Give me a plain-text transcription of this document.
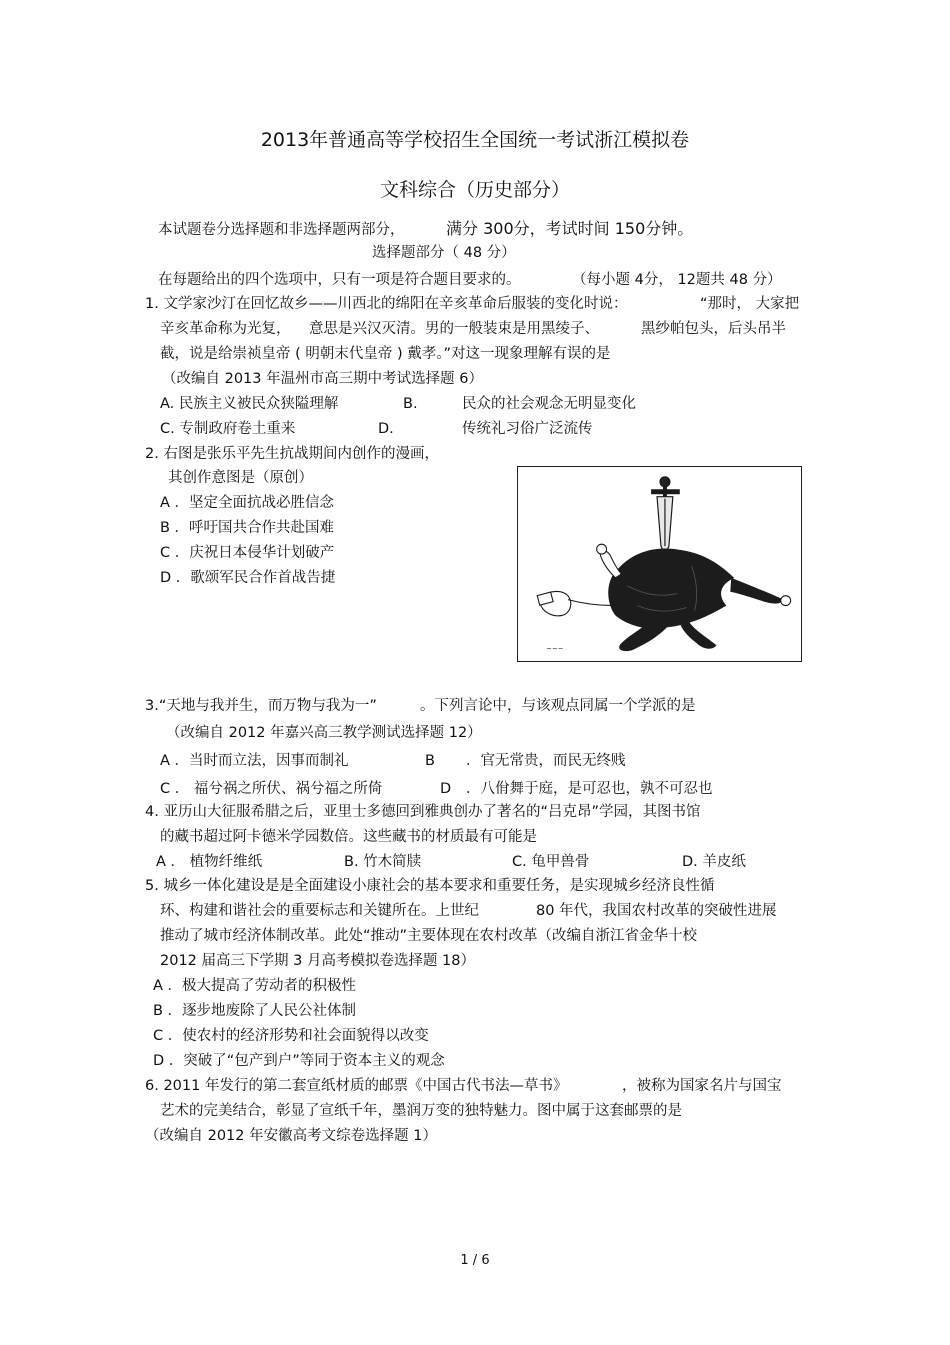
2013年普通高等学校招生全国统一考试浙江模拟卷
文科综合（历史部分）
本试题卷分选择题和非选择题两部分，	满分 300分，考试时间 150分钟。
选择题部分（ 48 分）
在每题给出的四个选项中，只有一项是符合题目要求的。	（每小题 4分， 12题共 48 分）
1. 文学家沙汀在回忆故乡——川西北的绵阳在辛亥革命后服装的变化时说：	“那时， 大家把
辛亥革命称为光复， 意思是兴汉灭清。男的一般装束是用黑绫子、	黑纱帕包头，后头吊半
截，说是给崇祯皇帝 ( 明朝末代皇帝 ) 戴孝。”对这一现象理解有误的是
（改编自 2013 年温州市高三期中考试选择题 6）
A. 民族主义被民众狭隘理解	B.	民众的社会观念无明显变化
C. 专制政府卷土重来	D.	传统礼习俗广泛流传
2. 右图是张乐平先生抗战期间内创作的漫画，
其创作意图是（原创）
A ．坚定全面抗战必胜信念
B ．呼吁国共合作共赴国难
C ．庆祝日本侵华计划破产
D ．歌颂军民合作首战告捷
~~~
3.“天地与我并生，而万物与我为一”	。下列言论中，与该观点同属一个学派的是
（改编自 2012 年嘉兴高三教学测试选择题 12）
A ．当时而立法，因事而制礼	B ．官无常贵，而民无终贱
C ． 福兮祸之所伏、祸兮福之所倚	D ．八佾舞于庭，是可忍也，孰不可忍也
4. 亚历山大征服希腊之后，亚里士多德回到雅典创办了著名的“吕克昂”学园，其图书馆
的藏书超过阿卡德米学园数倍。这些藏书的材质最有可能是
A ． 植物纤维纸	B. 竹木简牍	C. 龟甲兽骨	D. 羊皮纸
5. 城乡一体化建设是是全面建设小康社会的基本要求和重要任务，是实现城乡经济良性循
环、构建和谐社会的重要标志和关键所在。上世纪	80 年代，我国农村改革的突破性进展
推动了城市经济体制改革。此处“推动”主要体现在农村改革（改编自浙江省金华十校
2012 届高三下学期 3 月高考模拟卷选择题 18）
A ．极大提高了劳动者的积极性
B ．逐步地废除了人民公社体制
C ．使农村的经济形势和社会面貌得以改变
D ．突破了“包产到户”等同于资本主义的观念
6. 2011 年发行的第二套宣纸材质的邮票《中国古代书法—草书》	，被称为国家名片与国宝
艺术的完美结合，彰显了宣纸千年，墨润万变的独特魅力。图中属于这套邮票的是
（改编自 2012 年安徽高考文综卷选择题 1）
1 / 6
